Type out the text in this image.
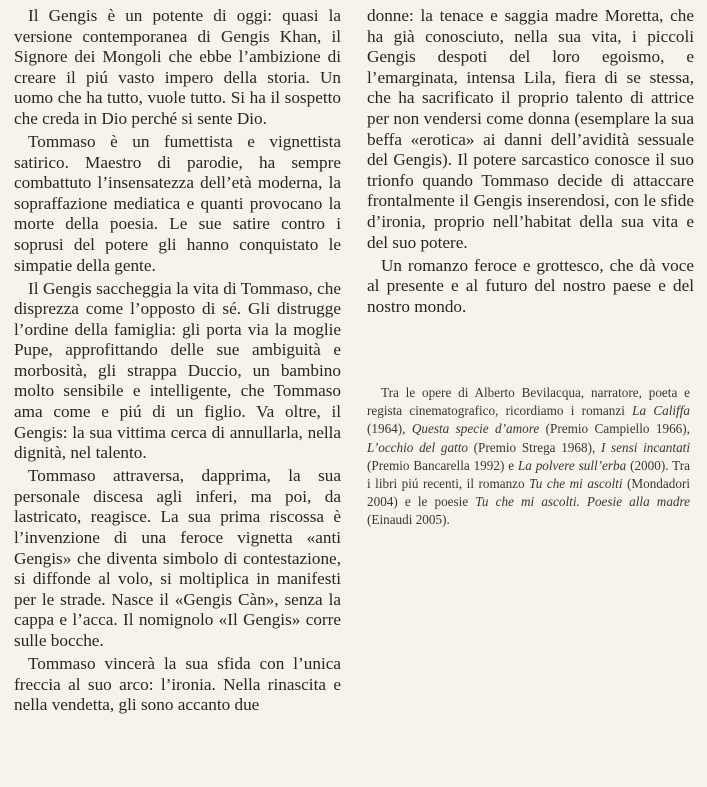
Il Gengis è un potente di oggi: quasi la versione contemporanea di Gengis Khan, il Signore dei Mongoli che ebbe l’ambizione di creare il piú vasto impero della storia. Un uomo che ha tutto, vuole tutto. Si ha il sospetto che creda in Dio perché si sente Dio.

Tommaso è un fumettista e vignettista satirico. Maestro di parodie, ha sempre combattuto l’insensatezza dell’età moderna, la sopraffazione mediatica e quanti provocano la morte della poesia. Le sue satire contro i soprusi del potere gli hanno conquistato le simpatie della gente.

Il Gengis saccheggia la vita di Tommaso, che disprezza come l’opposto di sé. Gli distrugge l’ordine della famiglia: gli porta via la moglie Pupe, approfittando delle sue ambiguità e morbosità, gli strappa Duccio, un bambino molto sensibile e intelligente, che Tommaso ama come e piú di un figlio. Va oltre, il Gengis: la sua vittima cerca di annullarla, nella dignità, nel talento.

Tommaso attraversa, dapprima, la sua personale discesa agli inferi, ma poi, da lastricato, reagisce. La sua prima riscossa è l’invenzione di una feroce vignetta «anti Gengis» che diventa simbolo di contestazione, si diffonde al volo, si moltiplica in manifesti per le strade. Nasce il «Gengis Càn», senza la cappa e l’acca. Il nomignolo «Il Gengis» corre sulle bocche.

Tommaso vincerà la sua sfida con l’unica freccia al suo arco: l’ironia. Nella rinascita e nella vendetta, gli sono accanto due

donne: la tenace e saggia madre Moretta, che ha già conosciuto, nella sua vita, i piccoli Gengis despoti del loro egoismo, e l’emarginata, intensa Lila, fiera di se stessa, che ha sacrificato il proprio talento di attrice per non vendersi come donna (esemplare la sua beffa «erotica» ai danni dell’avidità sessuale del Gengis). Il potere sarcastico conosce il suo trionfo quando Tommaso decide di attaccare frontalmente il Gengis inserendosi, con le sfide d’ironia, proprio nell’habitat della sua vita e del suo potere.

Un romanzo feroce e grottesco, che dà voce al presente e al futuro del nostro paese e del nostro mondo.

Tra le opere di Alberto Bevilacqua, narratore, poeta e regista cinematografico, ricordiamo i romanzi La Califfa (1964), Questa specie d’amore (Premio Campiello 1966), L’occhio del gatto (Premio Strega 1968), I sensi incantati (Premio Bancarella 1992) e La polvere sull’erba (2000). Tra i libri piú recenti, il romanzo Tu che mi ascolti (Mondadori 2004) e le poesie Tu che mi ascolti. Poesie alla madre (Einaudi 2005).
